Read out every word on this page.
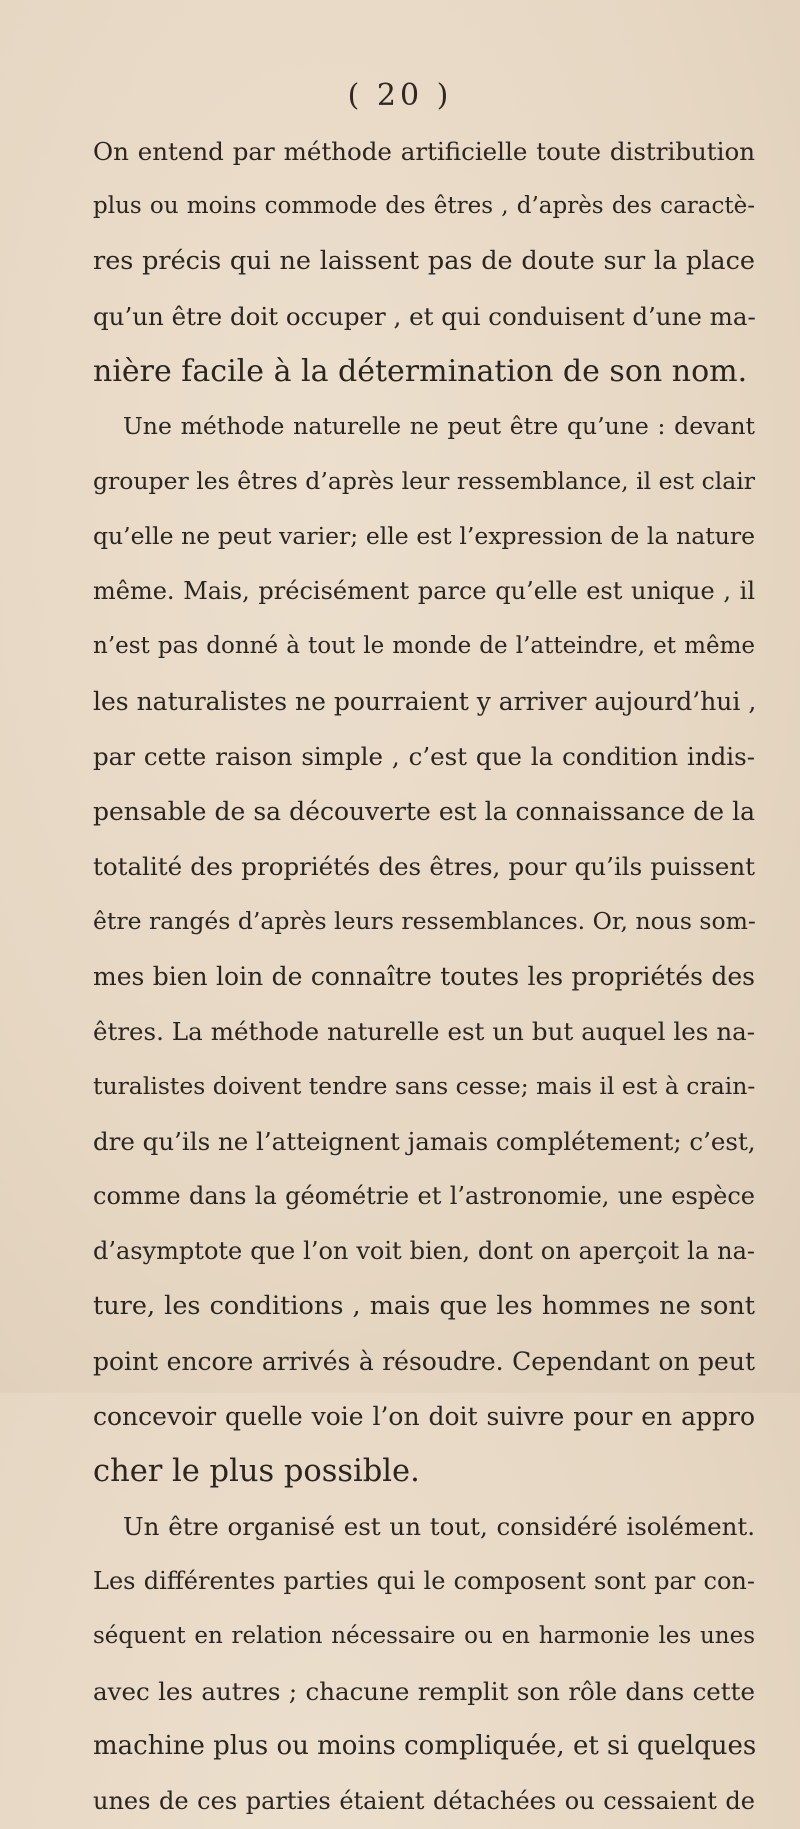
( 20 )
On entend par méthode artificielle toute distribution
plus ou moins commode des êtres , d’après des caractè-
res précis qui ne laissent pas de doute sur la place
qu’un être doit occuper , et qui conduisent d’une ma-
nière facile à la détermination de son nom.
Une méthode naturelle ne peut être qu’une : devant
grouper les êtres d’après leur ressemblance, il est clair
qu’elle ne peut varier; elle est l’expression de la nature
même. Mais, précisément parce qu’elle est unique , il
n’est pas donné à tout le monde de l’atteindre, et même
les naturalistes ne pourraient y arriver aujourd’hui ,
par cette raison simple , c’est que la condition indis-
pensable de sa découverte est la connaissance de la
totalité des propriétés des êtres, pour qu’ils puissent
être rangés d’après leurs ressemblances. Or, nous som-
mes bien loin de connaître toutes les propriétés des
êtres. La méthode naturelle est un but auquel les na-
turalistes doivent tendre sans cesse; mais il est à crain-
dre qu’ils ne l’atteignent jamais complétement; c’est,
comme dans la géométrie et l’astronomie, une espèce
d’asymptote que l’on voit bien, dont on aperçoit la na-
ture, les conditions , mais que les hommes ne sont
point encore arrivés à résoudre. Cependant on peut
concevoir quelle voie l’on doit suivre pour en appro
cher le plus possible.
Un être organisé est un tout, considéré isolément.
Les différentes parties qui le composent sont par con-
séquent en relation nécessaire ou en harmonie les unes
avec les autres ; chacune remplit son rôle dans cette
machine plus ou moins compliquée, et si quelques
unes de ces parties étaient détachées ou cessaient de
